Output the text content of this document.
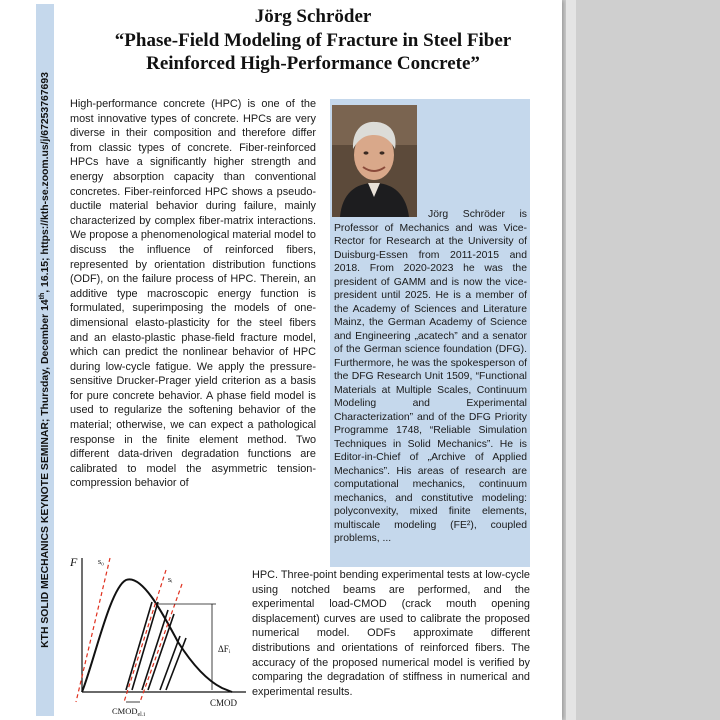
KTH SOLID MECHANICS KEYNOTE SEMINAR; Thursday, December 14th, 16.15; https://kth-se.zoom.us/j/67253767693
Jörg Schröder
“Phase-Field Modeling of Fracture in Steel Fiber
Reinforced High-Performance Concrete”

High-performance concrete (HPC) is one of the most innovative types of concrete. HPCs are very diverse in their composition and therefore differ from classic types of concrete. Fiber-reinforced HPCs have a significantly higher strength and energy absorption capacity than conventional concretes. Fiber-reinforced HPC shows a pseudo-ductile material behavior during failure, mainly characterized by complex fiber-matrix interactions. We propose a phenomenological material model to discuss the influence of reinforced fibers, represented by orientation distribution functions (ODF), on the failure process of HPC. Therein, an additive type macroscopic energy function is formulated, superimposing the models of one-dimensional elasto-plasticity for the steel fibers and an elasto-plastic phase-field fracture model, which can predict the nonlinear behavior of HPC during low-cycle fatigue. We apply the pressure-sensitive Drucker-Prager yield criterion as a basis for pure concrete behavior. A phase field model is used to regularize the softening behavior of the material; otherwise, we can expect a pathological response in the finite element method. Two different data-driven degradation functions are calibrated to model the asymmetric tension-compression behavior of

Jörg Schröder is Professor of Mechanics and was Vice-Rector for Research at the University of Duisburg-Essen from 2011-2015 and 2018. From 2020-2023 he was the president of GAMM and is now the vice-president until 2025. He is a member of the Academy of Sciences and Literature Mainz, the German Academy of Science and Engineering „acatech” and a senator of the German science foundation (DFG). Furthermore, he was the spokesperson of the DFG Research Unit 1509, “Functional Materials at Multiple Scales, Continuum Modeling and Experimental Characterization” and of the DFG Priority Programme 1748, “Reliable Simulation Techniques in Solid Mechanics”. He is Editor-in-Chief of „Archive of Applied Mechanics”. His areas of research are computational mechanics, continuum mechanics, and constitutive modeling: polyconvexity, mixed finite elements, multiscale modeling (FE²), coupled problems, ...

F	s₀
sᵢ
ΔFᵢ
$CMOD_{el,i}$
CMOD

HPC. Three-point bending experimental tests at low-cycle using notched beams are performed, and the experimental load-CMOD (crack mouth opening displacement) curves are used to calibrate the proposed numerical model. ODFs approximate different distributions and orientations of reinforced fibers. The accuracy of the proposed numerical model is verified by comparing the degradation of stiffness in numerical and experimental results.
